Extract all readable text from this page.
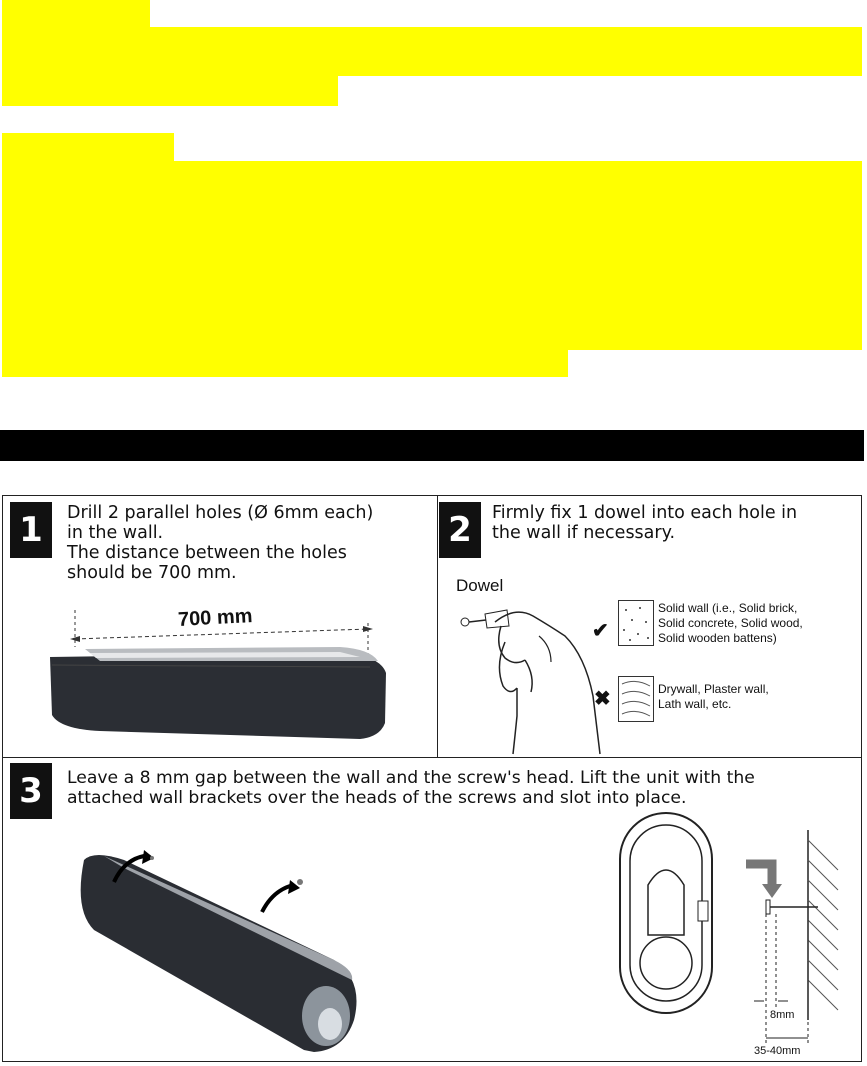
1	Drill 2 parallel holes (Ø 6mm each)
in the wall.
The distance between the holes
should be 700 mm.
700 mm
2	Firmly fix 1 dowel into each hole in
the wall if necessary.
Dowel
✔
Solid wall (i.e., Solid brick,
Solid concrete, Solid wood,
Solid wooden battens)
✖	Drywall, Plaster wall,
Lath wall, etc.
3	Leave a 8 mm gap between the wall and the screw's head. Lift the unit with the
attached wall brackets over the heads of the screws and slot into place.
8mm
35-40mm
